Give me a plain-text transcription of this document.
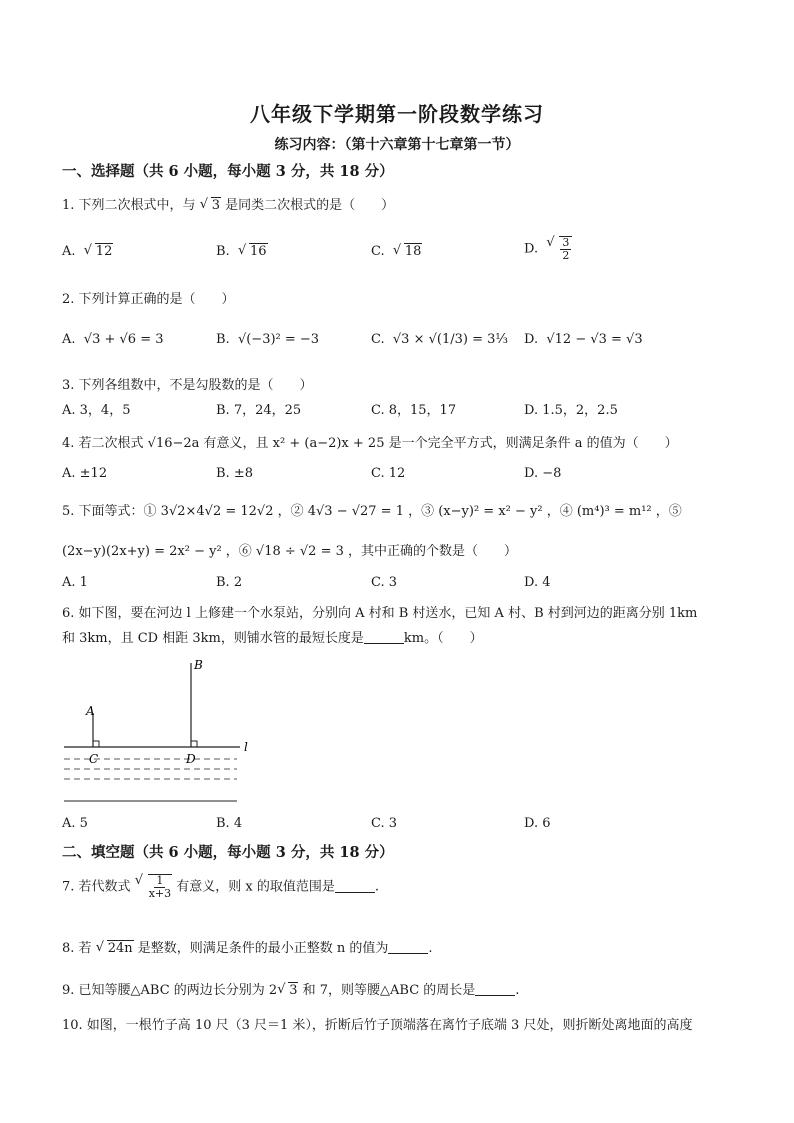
八年级下学期第一阶段数学练习
练习内容：（第十六章第十七章第一节）
一、选择题（共 6 小题，每小题 3 分，共 18 分）
1. 下列二次根式中，与 √ 3 是同类二次根式的是（　　）
A. √ 12	B. √ 16	C. √ 18	D. √ $\frac{3}{2}$
2. 下列计算正确的是（　　）
A. √3 + √6 = 3	B. √(−3)² = −3	C. √3 × √(1/3) = 3⅓ D. √12 − √3 = √3
3. 下列各组数中，不是勾股数的是（　　）
A. 3，4，5	B. 7，24，25	C. 8，15，17	D. 1.5，2，2.5
4. 若二次根式 √16−2a 有意义，且 x² + (a−2)x + 25 是一个完全平方式，则满足条件 a 的值为（　　）
A. ±12	B. ±8	C. 12	D. −8
5. 下面等式：① 3√2×4√2 = 12√2 ，② 4√3 − √27 = 1 ，③ (x−y)² = x² − y² ，④ (m⁴)³ = m¹² ，⑤
(2x−y)(2x+y) = 2x² − y² ，⑥ √18 ÷ √2 = 3 ，其中正确的个数是（　　）
A. 1	B. 2	C. 3	D. 4
6. 如下图，要在河边 l 上修建一个水泵站，分别向 A 村和 B 村送水，已知 A 村、B 村到河边的距离分别 1km
和 3km，且 CD 相距 3km，则铺水管的最短长度是	km。（　　）
A
B
C	D
l
A. 5	B. 4	C. 3	D. 6
二、填空题（共 6 小题，每小题 3 分，共 18 分）
7. 若代数式 √ $\frac{1}{x+3}$ 有意义，则 x 的取值范围是	.
8. 若 √ 24n 是整数，则满足条件的最小正整数 n 的值为	.
9. 已知等腰△ABC 的两边长分别为 2 √ 3 和 7，则等腰△ABC 的周长是	.
10. 如图，一根竹子高 10 尺（3 尺＝1 米），折断后竹子顶端落在离竹子底端 3 尺处，则折断处离地面的高度
